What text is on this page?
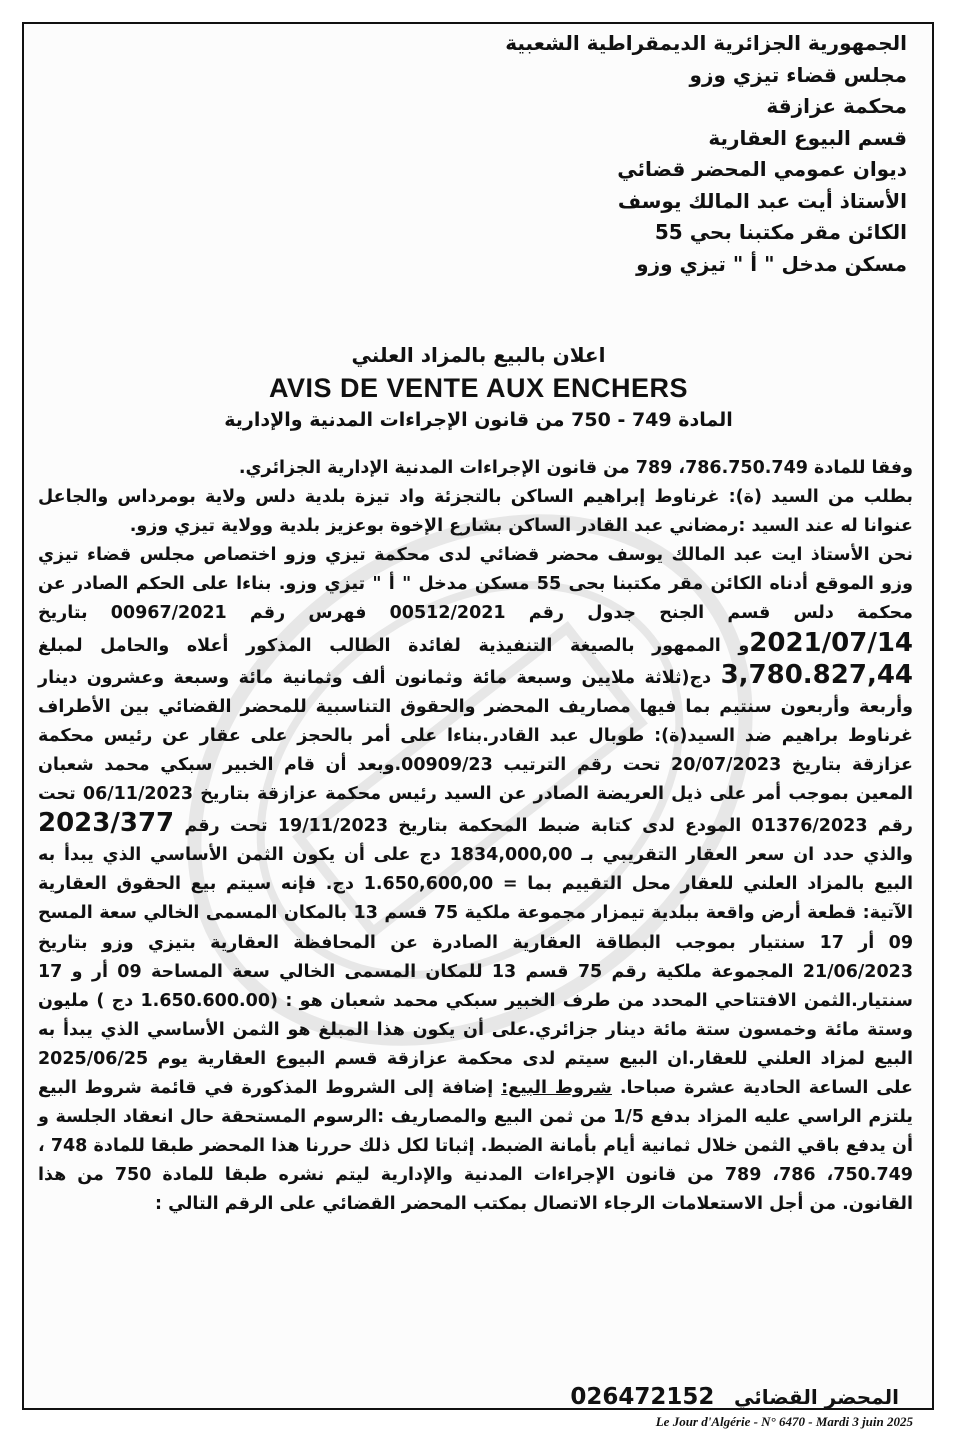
الجمهورية الجزائرية الديمقراطية الشعبية
مجلس قضاء تيزي وزو
محكمة عزازقة
قسم البيوع العقارية
ديوان عمومي المحضر قضائي
الأستاذ أيت عبد المالك يوسف
الكائن مقر مكتبنا بحي 55
مسكن مدخل " أ " تيزي وزو
اعلان بالبيع بالمزاد العلني
AVIS DE VENTE AUX ENCHERS
المادة 749 - 750 من قانون الإجراءات المدنية والإدارية

وفقا للمادة 786.750.749، 789 من قانون الإجراءات المدنية الإدارية الجزائري.

بطلب من السيد (ة): غرناوط إبراهيم الساكن بالتجزئة واد تيزة بلدية دلس ولاية بومرداس والجاعل عنوانا له عند السيد :رمضاني عبد القادر الساكن بشارع الإخوة بوعزيز بلدية وولاية تيزي وزو.

نحن الأستاذ ايت عبد المالك يوسف محضر قضائي لدى محكمة تيزي وزو اختصاص مجلس قضاء تيزي وزو الموقع أدناه الكائن مقر مكتبنا بحى 55 مسكن مدخل " أ " تيزي وزو. بناءا على الحكم الصادر عن محكمة دلس قسم الجنح جدول رقم 00512/2021 فهرس رقم 00967/2021 بتاريخ 2021/07/14و الممهور بالصيغة التنفيذية لفائدة الطالب المذكور أعلاه والحامل لمبلغ 3,780.827,44 دج(ثلاثة ملايين وسبعة مائة وثمانون ألف وثمانية مائة وسبعة وعشرون دينار وأربعة وأربعون سنتيم بما فيها مصاريف المحضر والحقوق التناسبية للمحضر القضائي بين الأطراف غرناوط براهيم ضد السيد(ة): طوبال عبد القادر.بناءا على أمر بالحجز على عقار عن رئيس محكمة عزازقة بتاريخ 20/07/2023 تحت رقم الترتيب 00909/23.وبعد أن قام الخبير سبكي محمد شعبان المعين بموجب أمر على ذيل العريضة الصادر عن السيد رئيس محكمة عزازقة بتاريخ 06/11/2023 تحت رقم 01376/2023 المودع لدى كتابة ضبط المحكمة بتاريخ 19/11/2023 تحت رقم 2023/377 والذي حدد ان سعر العقار التقريبي بـ 1834,000,00 دج على أن يكون الثمن الأساسي الذي يبدأ به البيع بالمزاد العلني للعقار محل التقييم بما = 1.650,600,00 دج. فإنه سيتم بيع الحقوق العقارية الآتية: قطعة أرض واقعة ببلدية تيمزار مجموعة ملكية 75 قسم 13 بالمكان المسمى الخالي سعة المسح 09 أر 17 سنتيار بموجب البطاقة العقارية الصادرة عن المحافظة العقارية بتيزي وزو بتاريخ 21/06/2023 المجموعة ملكية رقم 75 قسم 13 للمكان المسمى الخالي سعة المساحة 09 أر و 17 سنتيار.الثمن الافتتاحي المحدد من طرف الخبير سبكي محمد شعبان هو : (1.650.600.00 دج ) مليون وستة مائة وخمسون ستة مائة دينار جزائري.على أن يكون هذا المبلغ هو الثمن الأساسي الذي يبدأ به البيع لمزاد العلني للعقار.ان البيع سيتم لدى محكمة عزازقة قسم البيوع العقارية يوم 2025/06/25 على الساعة الحادية عشرة صباحا. شروط البيع: إضافة إلى الشروط المذكورة في قائمة شروط البيع يلتزم الراسي عليه المزاد بدفع 1/5 من ثمن البيع والمصاريف :الرسوم المستحقة حال انعقاد الجلسة و أن يدفع باقي الثمن خلال ثمانية أيام بأمانة الضبط. إثباتا لكل ذلك حررنا هذا المحضر طبقا للمادة 748 ، 750.749، 786، 789 من قانون الإجراءات المدنية والإدارية ليتم نشره طبقا للمادة 750 من هذا القانون. من أجل الاستعلامات الرجاء الاتصال بمكتب المحضر القضائي على الرقم التالي :

المحضر القضائي 026472152
Le Jour d'Algérie - N° 6470 - Mardi 3 juin 2025
